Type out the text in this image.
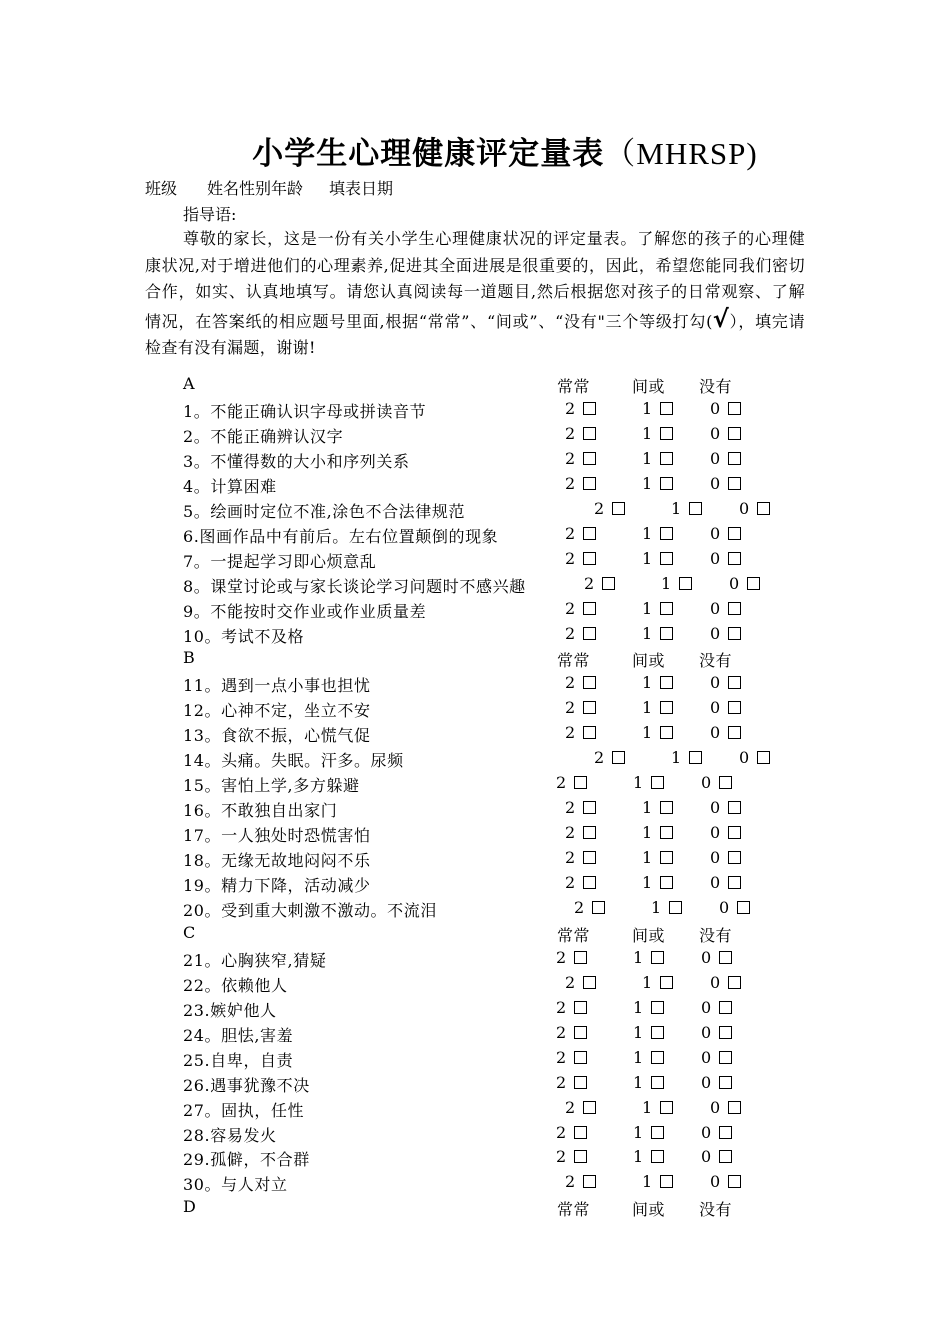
小学生心理健康评定量表（MHRSP)
班级 姓名性别年龄 填表日期
指导语:
尊敬的家长，这是一份有关小学生心理健康状况的评定量表。了解您的孩子的心理健康状况,对于增进他们的心理素养,促进其全面进展是很重要的，因此，希望您能同我们密切合作，如实、认真地填写。请您认真阅读每一道题目,然后根据您对孩子的日常观察、了解情况，在答案纸的相应题号里面,根据“常常”、“间或”、“没有"三个等级打勾(√），填完请检查有没有漏题，谢谢!
A	常常	间或 没有
1。不能正确认识字母或拼读音节	2	1	0
2。不能正确辨认汉字	2	1	0
3。不懂得数的大小和序列关系	2	1	0
4。计算困难	2	1	0
5。绘画时定位不准,涂色不合法律规范	2	1	0
6.图画作品中有前后。左右位置颠倒的现象	2	1	0
7。一提起学习即心烦意乱	2	1	0
8。课堂讨论或与家长谈论学习问题时不感兴趣	2	1	0
9。不能按时交作业或作业质量差	2	1	0
10。考试不及格	2	1	0
B	常常	间或 没有
11。遇到一点小事也担忧	2	1	0
12。心神不定，坐立不安	2	1	0
13。食欲不振，心慌气促	2	1	0
14。头痛。失眠。汗多。尿频	2	1	0
15。害怕上学,多方躲避	2	1	0
16。不敢独自出家门	2	1	0
17。一人独处时恐慌害怕	2	1	0
18。无缘无故地闷闷不乐	2	1	0
19。精力下降，活动减少	2	1	0
20。受到重大刺激不激动。不流泪	2	1	0
C	常常	间或 没有
21。心胸狭窄,猜疑	2	1	0
22。依赖他人	2	1	0
23.嫉妒他人	2	1	0
24。胆怯,害羞	2	1	0
25.自卑，自责	2	1	0
26.遇事犹豫不决	2	1	0
27。固执，任性	2	1	0
28.容易发火	2	1	0
29.孤僻，不合群	2	1	0
30。与人对立	2	1	0
D	常常	间或 没有
